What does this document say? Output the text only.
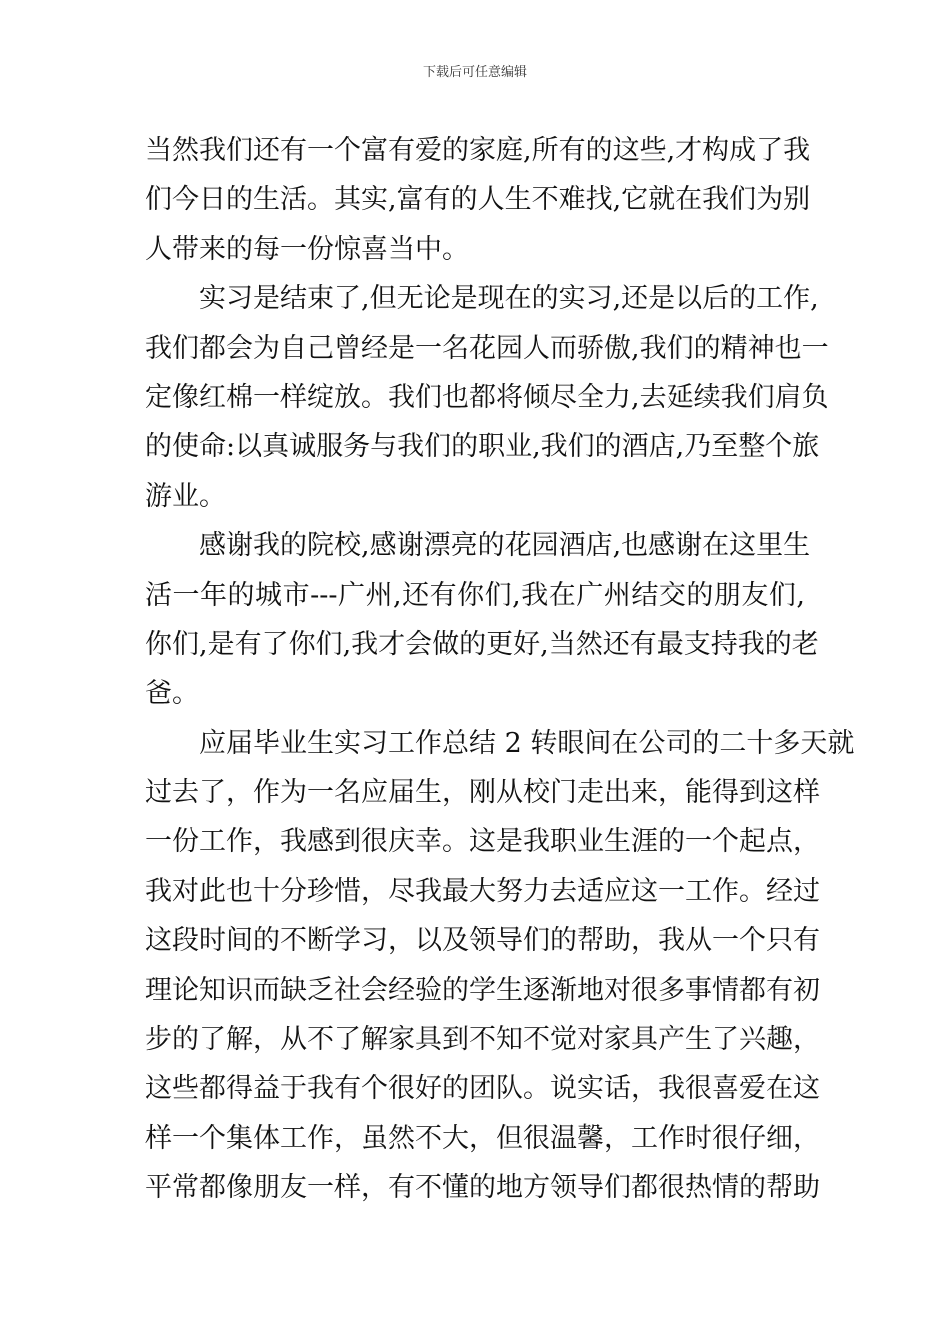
下载后可任意编辑
当然我们还有一个富有爱的家庭,所有的这些,才构成了我
们今日的生活。其实,富有的人生不难找,它就在我们为别
人带来的每一份惊喜当中。
实习是结束了,但无论是现在的实习,还是以后的工作,
我们都会为自己曾经是一名花园人而骄傲,我们的精神也一
定像红棉一样绽放。我们也都将倾尽全力,去延续我们肩负
的使命:以真诚服务与我们的职业,我们的酒店,乃至整个旅
游业。
感谢我的院校,感谢漂亮的花园酒店,也感谢在这里生
活一年的城市---广州,还有你们,我在广州结交的朋友们,
你们,是有了你们,我才会做的更好,当然还有最支持我的老
爸。
应届毕业生实习工作总结 2 转眼间在公司的二十多天就
过去了，作为一名应届生，刚从校门走出来，能得到这样
一份工作，我感到很庆幸。这是我职业生涯的一个起点，
我对此也十分珍惜，尽我最大努力去适应这一工作。经过
这段时间的不断学习，以及领导们的帮助，我从一个只有
理论知识而缺乏社会经验的学生逐渐地对很多事情都有初
步的了解，从不了解家具到不知不觉对家具产生了兴趣，
这些都得益于我有个很好的团队。说实话，我很喜爱在这
样一个集体工作，虽然不大，但很温馨，工作时很仔细，
平常都像朋友一样，有不懂的地方领导们都很热情的帮助
